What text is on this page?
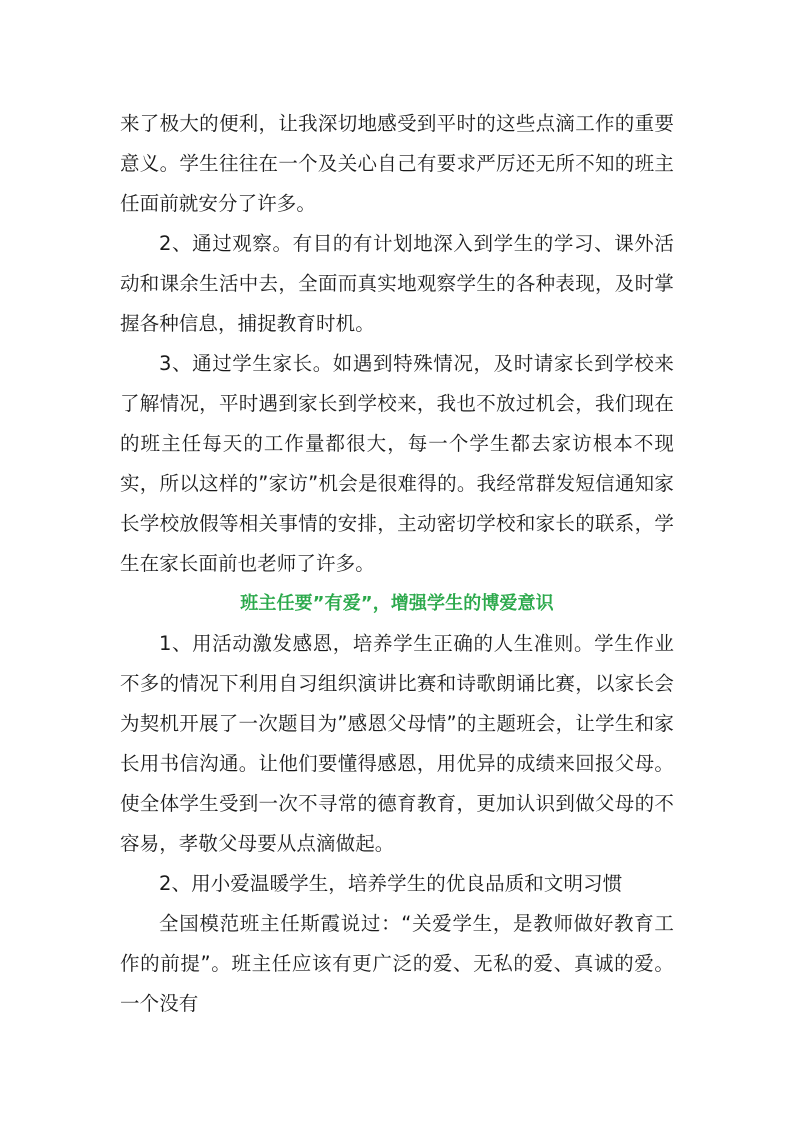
来了极大的便利，让我深切地感受到平时的这些点滴工作的重要意义。学生往往在一个及关心自己有要求严厉还无所不知的班主任面前就安分了许多。

2、通过观察。有目的有计划地深入到学生的学习、课外活动和课余生活中去，全面而真实地观察学生的各种表现，及时掌握各种信息，捕捉教育时机。

3、通过学生家长。如遇到特殊情况，及时请家长到学校来了解情况，平时遇到家长到学校来，我也不放过机会，我们现在的班主任每天的工作量都很大，每一个学生都去家访根本不现实，所以这样的”家访”机会是很难得的。我经常群发短信通知家长学校放假等相关事情的安排，主动密切学校和家长的联系，学生在家长面前也老师了许多。

班主任要”有爱”，增强学生的博爱意识

1、用活动激发感恩，培养学生正确的人生准则。学生作业不多的情况下利用自习组织演讲比赛和诗歌朗诵比赛，以家长会为契机开展了一次题目为”感恩父母情”的主题班会，让学生和家长用书信沟通。让他们要懂得感恩，用优异的成绩来回报父母。使全体学生受到一次不寻常的德育教育，更加认识到做父母的不容易，孝敬父母要从点滴做起。

2、用小爱温暖学生，培养学生的优良品质和文明习惯

全国模范班主任斯霞说过：“关爱学生，是教师做好教育工作的前提”。班主任应该有更广泛的爱、无私的爱、真诚的爱。一个没有
